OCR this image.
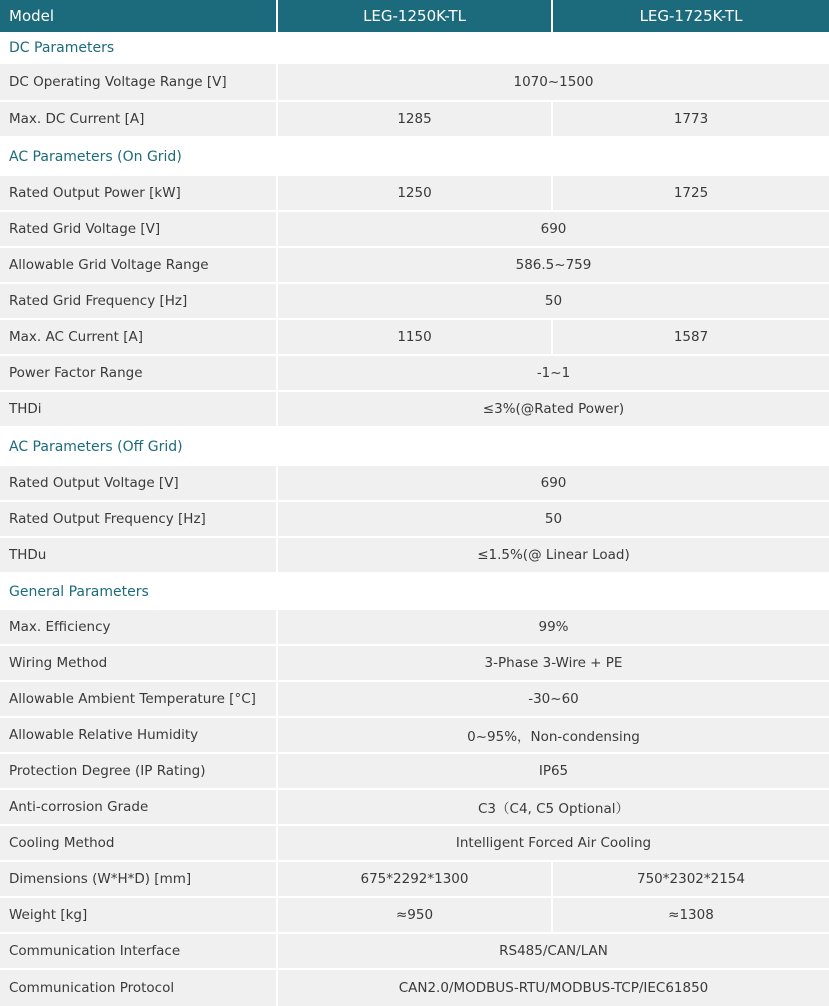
Model	LEG-1250K-TL	LEG-1725K-TL
DC Parameters
DC Operating Voltage Range [V]	1070~1500
Max. DC Current [A]	1285	1773
AC Parameters (On Grid)
Rated Output Power [kW]	1250	1725
Rated Grid Voltage [V]	690
Allowable Grid Voltage Range	586.5~759
Rated Grid Frequency [Hz]	50
Max. AC Current [A]	1150	1587
Power Factor Range	-1~1
THDi	≤3%(@Rated Power)
AC Parameters (Off Grid)
Rated Output Voltage [V]	690
Rated Output Frequency [Hz]	50
THDu	≤1.5%(@ Linear Load)
General Parameters
Max. Efficiency	99%
Wiring Method	3-Phase 3-Wire + PE
Allowable Ambient Temperature [°C]	-30~60
Allowable Relative Humidity	0~95%，Non-condensing
Protection Degree (IP Rating)	IP65
Anti-corrosion Grade	C3（C4, C5 Optional）
Cooling Method	Intelligent Forced Air Cooling
Dimensions (W*H*D) [mm]	675*2292*1300	750*2302*2154
Weight [kg]	≈950	≈1308
Communication Interface	RS485/CAN/LAN
Communication Protocol	CAN2.0/MODBUS-RTU/MODBUS-TCP/IEC61850
